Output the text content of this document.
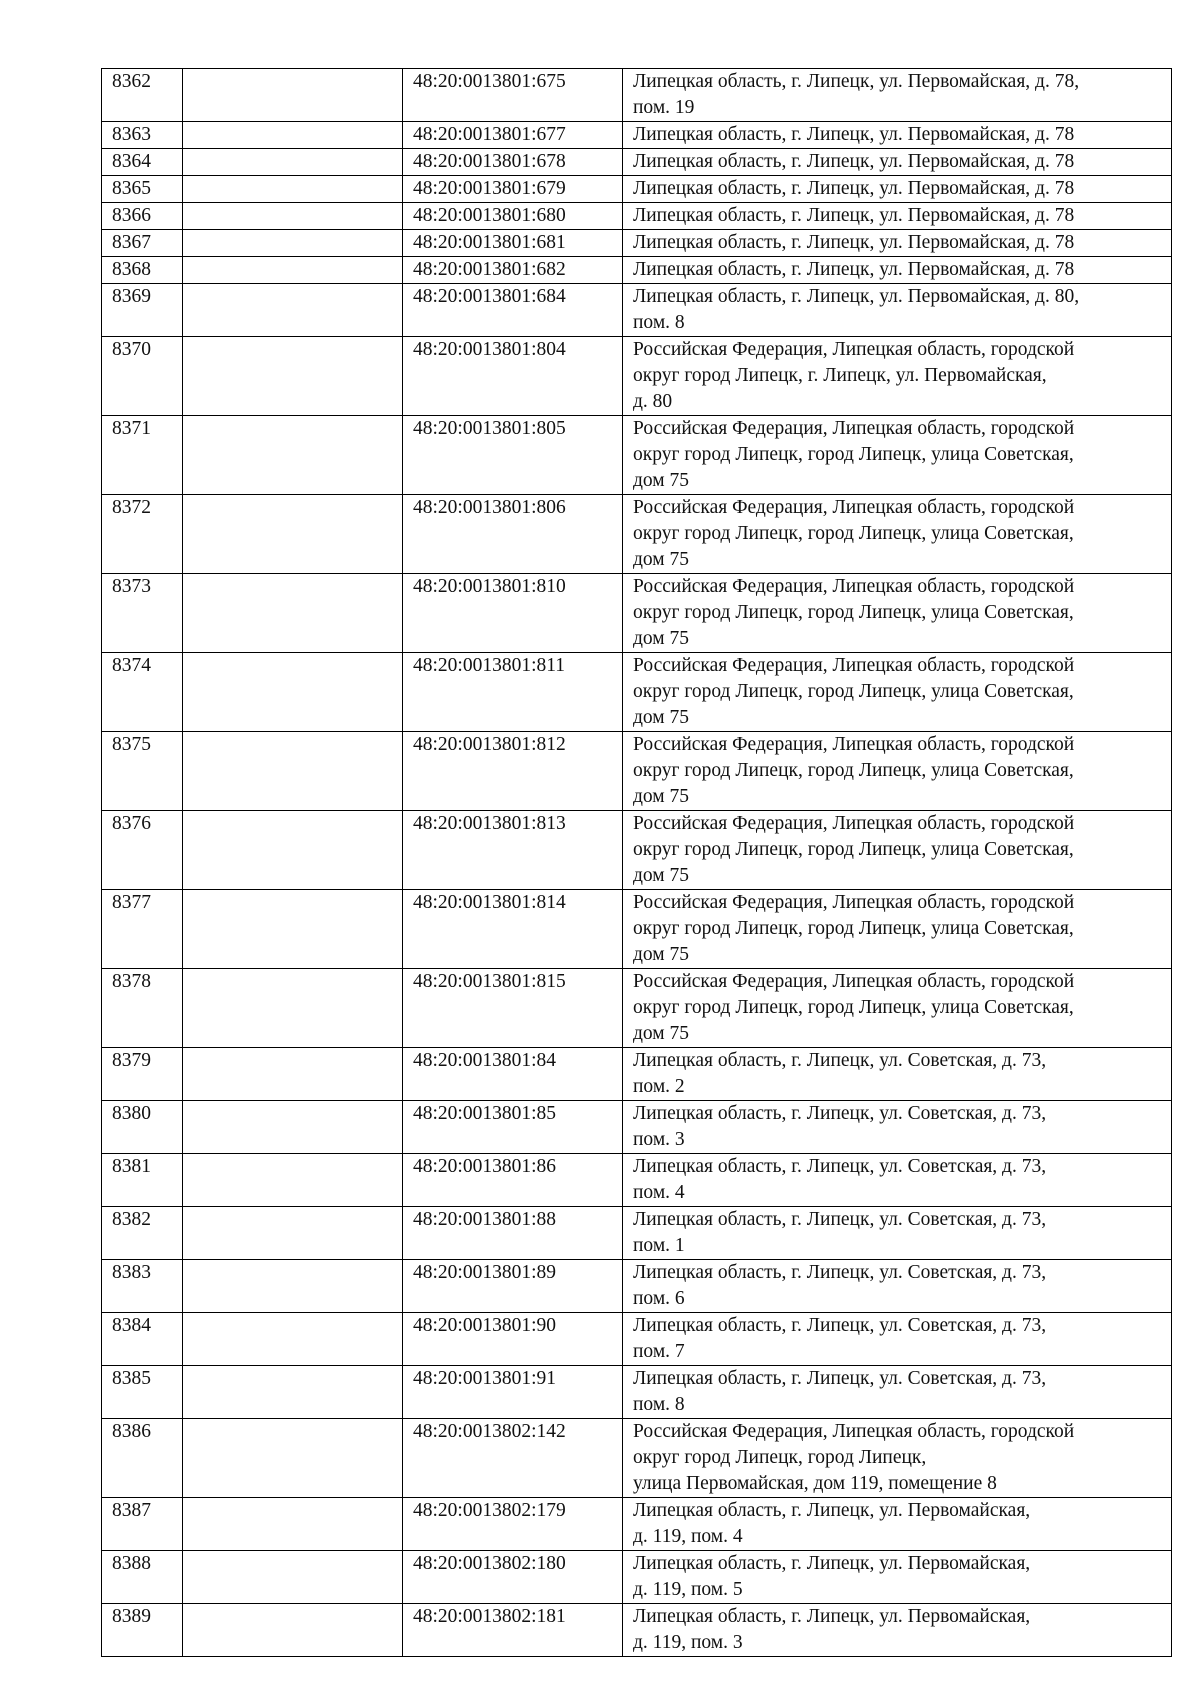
8362		48:20:0013801:675	Липецкая область, г. Липецк, ул. Первомайская, д. 78,
пом. 19
8363		48:20:0013801:677	Липецкая область, г. Липецк, ул. Первомайская, д. 78
8364		48:20:0013801:678	Липецкая область, г. Липецк, ул. Первомайская, д. 78
8365		48:20:0013801:679	Липецкая область, г. Липецк, ул. Первомайская, д. 78
8366		48:20:0013801:680	Липецкая область, г. Липецк, ул. Первомайская, д. 78
8367		48:20:0013801:681	Липецкая область, г. Липецк, ул. Первомайская, д. 78
8368		48:20:0013801:682	Липецкая область, г. Липецк, ул. Первомайская, д. 78
8369		48:20:0013801:684	Липецкая область, г. Липецк, ул. Первомайская, д. 80,
пом. 8
8370		48:20:0013801:804	Российская Федерация, Липецкая область, городской
округ город Липецк, г. Липецк, ул. Первомайская,
д. 80
8371		48:20:0013801:805	Российская Федерация, Липецкая область, городской
округ город Липецк, город Липецк, улица Советская,
дом 75
8372		48:20:0013801:806	Российская Федерация, Липецкая область, городской
округ город Липецк, город Липецк, улица Советская,
дом 75
8373		48:20:0013801:810	Российская Федерация, Липецкая область, городской
округ город Липецк, город Липецк, улица Советская,
дом 75
8374		48:20:0013801:811	Российская Федерация, Липецкая область, городской
округ город Липецк, город Липецк, улица Советская,
дом 75
8375		48:20:0013801:812	Российская Федерация, Липецкая область, городской
округ город Липецк, город Липецк, улица Советская,
дом 75
8376		48:20:0013801:813	Российская Федерация, Липецкая область, городской
округ город Липецк, город Липецк, улица Советская,
дом 75
8377		48:20:0013801:814	Российская Федерация, Липецкая область, городской
округ город Липецк, город Липецк, улица Советская,
дом 75
8378		48:20:0013801:815	Российская Федерация, Липецкая область, городской
округ город Липецк, город Липецк, улица Советская,
дом 75
8379		48:20:0013801:84	Липецкая область, г. Липецк, ул. Советская, д. 73,
пом. 2
8380		48:20:0013801:85	Липецкая область, г. Липецк, ул. Советская, д. 73,
пом. 3
8381		48:20:0013801:86	Липецкая область, г. Липецк, ул. Советская, д. 73,
пом. 4
8382		48:20:0013801:88	Липецкая область, г. Липецк, ул. Советская, д. 73,
пом. 1
8383		48:20:0013801:89	Липецкая область, г. Липецк, ул. Советская, д. 73,
пом. 6
8384		48:20:0013801:90	Липецкая область, г. Липецк, ул. Советская, д. 73,
пом. 7
8385		48:20:0013801:91	Липецкая область, г. Липецк, ул. Советская, д. 73,
пом. 8
8386		48:20:0013802:142	Российская Федерация, Липецкая область, городской
округ город Липецк, город Липецк,
улица Первомайская, дом 119, помещение 8
8387		48:20:0013802:179	Липецкая область, г. Липецк, ул. Первомайская,
д. 119, пом. 4
8388		48:20:0013802:180	Липецкая область, г. Липецк, ул. Первомайская,
д. 119, пом. 5
8389		48:20:0013802:181	Липецкая область, г. Липецк, ул. Первомайская,
д. 119, пом. 3
